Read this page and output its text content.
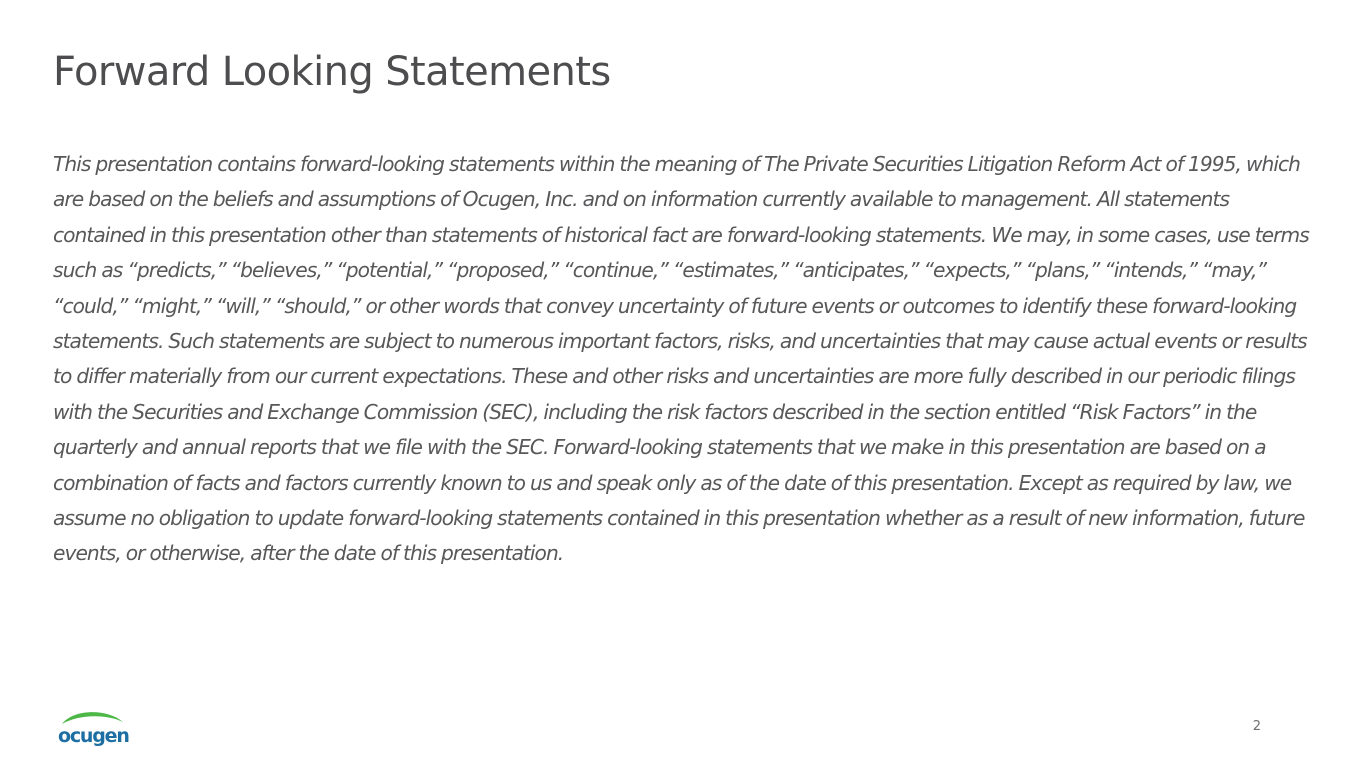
Forward Looking Statements

This presentation contains forward-looking statements within the meaning of The Private Securities Litigation Reform Act of 1995, which are based on the beliefs and assumptions of Ocugen, Inc. and on information currently available to management. All statements contained in this presentation other than statements of historical fact are forward-looking statements. We may, in some cases, use terms such as “predicts,” “believes,” “potential,” “proposed,” “continue,” “estimates,” “anticipates,” “expects,” “plans,” “intends,” “may,” “could,” “might,” “will,” “should,” or other words that convey uncertainty of future events or outcomes to identify these forward-looking statements. Such statements are subject to numerous important factors, risks, and uncertainties that may cause actual events or results to differ materially from our current expectations. These and other risks and uncertainties are more fully described in our periodic filings with the Securities and Exchange Commission (SEC), including the risk factors described in the section entitled “Risk Factors” in the quarterly and annual reports that we file with the SEC. Forward-looking statements that we make in this presentation are based on a combination of facts and factors currently known to us and speak only as of the date of this presentation. Except as required by law, we assume no obligation to update forward-looking statements contained in this presentation whether as a result of new information, future events, or otherwise, after the date of this presentation.

ocugen	2
